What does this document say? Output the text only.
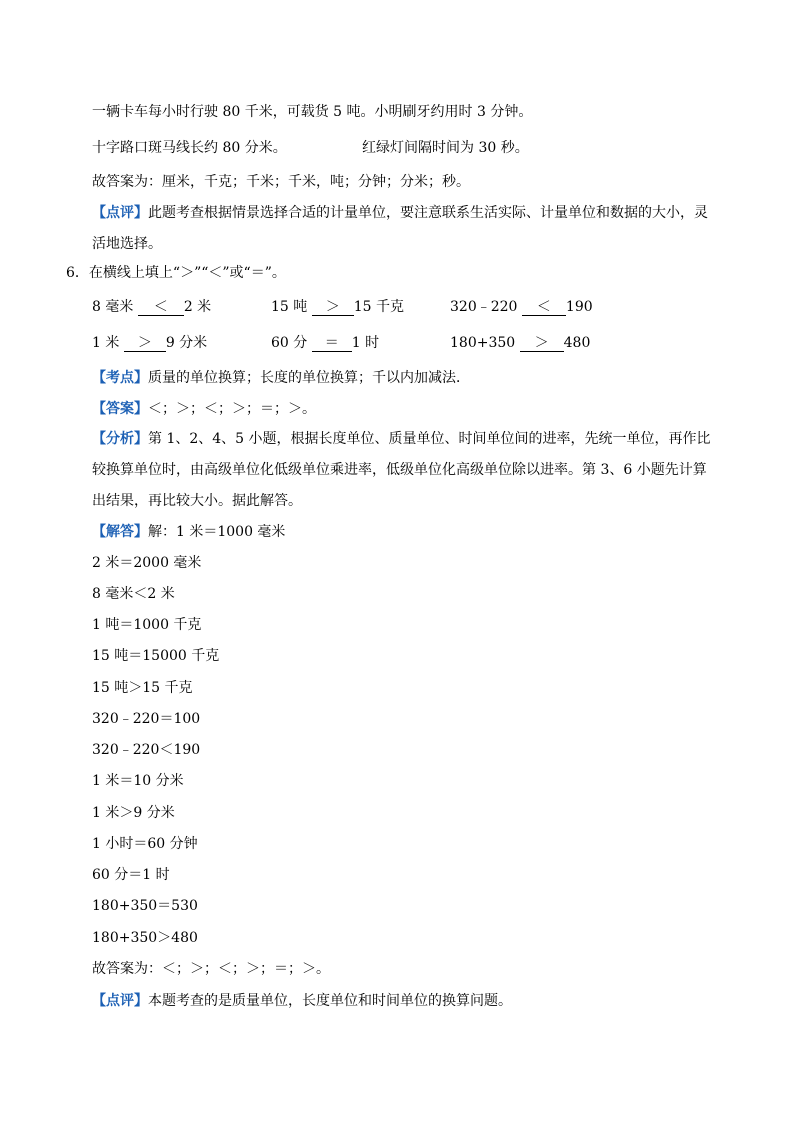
一辆卡车每小时行驶 80 千米，可载货 5 吨。小明刷牙约用时 3 分钟。
十字路口斑马线长约 80 分米。	红绿灯间隔时间为 30 秒。
故答案为：厘米，千克；千米；千米，吨；分钟；分米；秒。
【点评】此题考查根据情景选择合适的计量单位，要注意联系生活实际、计量单位和数据的大小，灵活地选择。
6．在横线上填上“＞”“＜”或“＝”。
8 毫米 ＜ 2 米	15 吨 ＞ 15 千克	320﹣220 ＜ 190
1 米 ＞ 9 分米	60 分 ＝ 1 时	180+350 ＞ 480
【考点】质量的单位换算；长度的单位换算；千以内加减法．
【答案】＜；＞；＜；＞；＝；＞。
【分析】第 1、2、4、5 小题，根据长度单位、质量单位、时间单位间的进率，先统一单位，再作比较换算单位时，由高级单位化低级单位乘进率，低级单位化高级单位除以进率。第 3、6 小题先计算出结果，再比较大小。据此解答。
【解答】解：1 米＝1000 毫米
2 米＝2000 毫米
8 毫米＜2 米
1 吨＝1000 千克
15 吨＝15000 千克
15 吨＞15 千克
320﹣220＝100
320﹣220＜190
1 米＝10 分米
1 米＞9 分米
1 小时＝60 分钟
60 分＝1 时
180+350＝530
180+350＞480
故答案为：＜；＞；＜；＞；＝；＞。
【点评】本题考查的是质量单位，长度单位和时间单位的换算问题。
